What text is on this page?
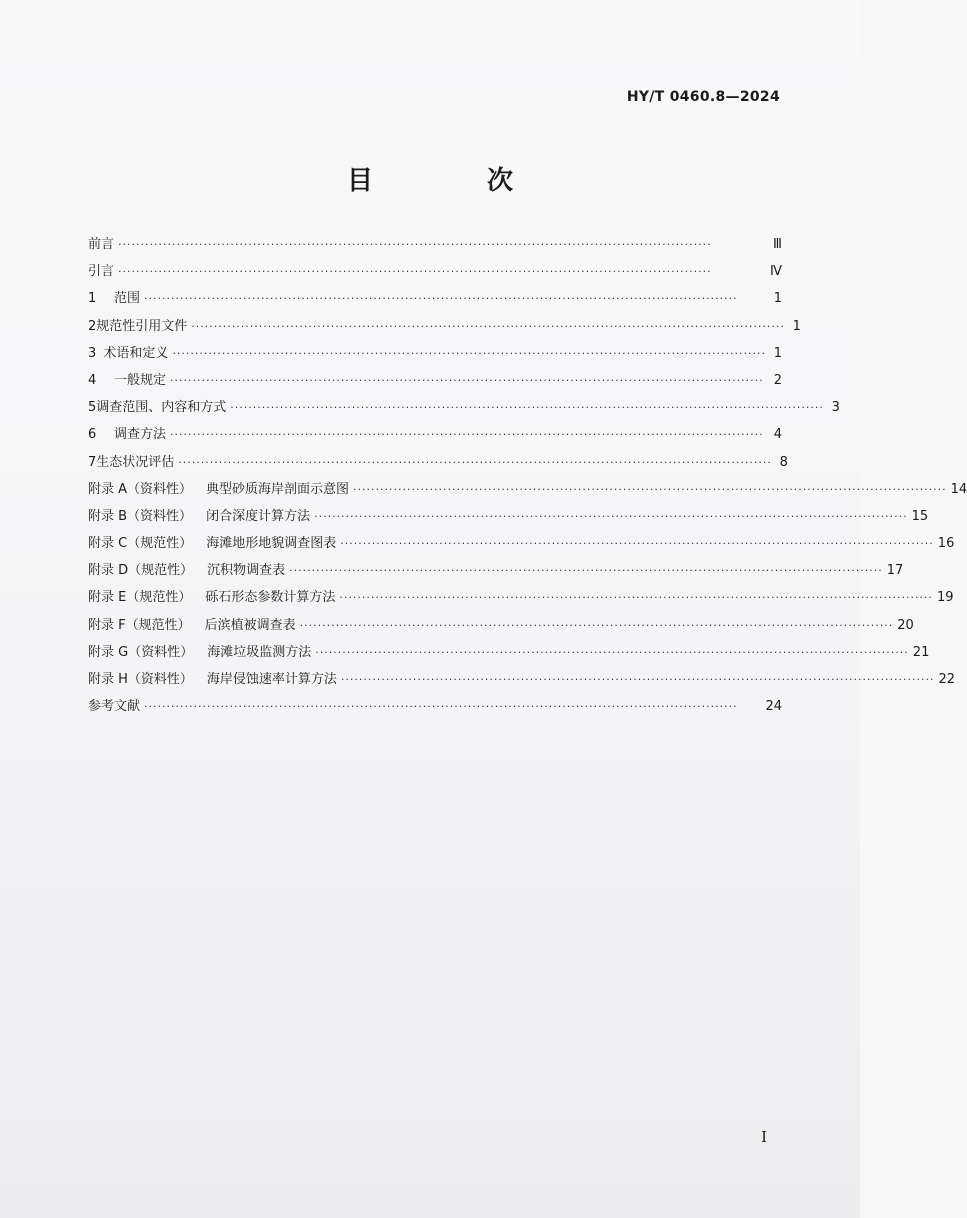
HY/T 0460.8—2024
目　次
前言 ····································································································································	Ⅲ
引言 ····································································································································	Ⅳ
1	范围 ····································································································································	1
2 规范性引用文件 ···································································································································· 1
3 术语和定义 ···································································································································· 1
4	一般规定 ···································································································································· 2
5 调查范围、内容和方式 ···································································································································· 3
6	调查方法 ···································································································································· 4
7 生态状况评估 ···································································································································· 8
附录 A（资料性） 典型砂质海岸剖面示意图 ···································································································································· 14
附录 B（资料性） 闭合深度计算方法 ···································································································································· 15
附录 C（规范性） 海滩地形地貌调查图表 ···································································································································· 16
附录 D（规范性） 沉积物调查表 ···································································································································· 17
附录 E（规范性） 砾石形态参数计算方法 ···································································································································· 19
附录 F（规范性） 后滨植被调查表 ···································································································································· 20
附录 G（资料性） 海滩垃圾监测方法 ···································································································································· 21
附录 H（资料性） 海岸侵蚀速率计算方法 ···································································································································· 22
参考文献 ····································································································································	24
I
